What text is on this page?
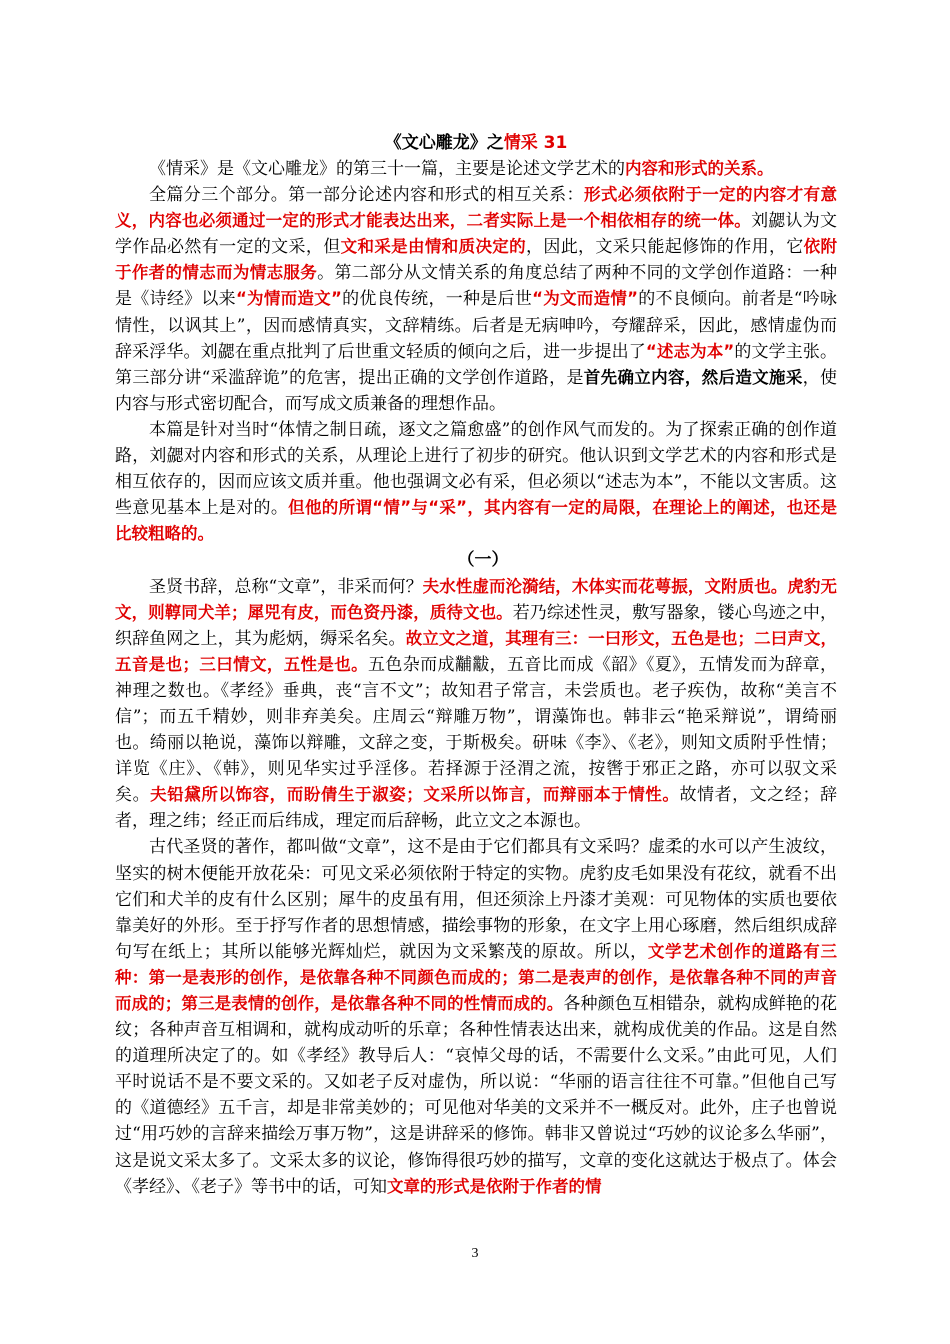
《文心雕龙》之情采 31

《情采》是《文心雕龙》的第三十一篇，主要是论述文学艺术的内容和形式的关系。

全篇分三个部分。第一部分论述内容和形式的相互关系：形式必须依附于一定的内容才有意义，内容也必须通过一定的形式才能表达出来，二者实际上是一个相依相存的统一体。刘勰认为文学作品必然有一定的文采，但文和采是由情和质决定的，因此，文采只能起修饰的作用，它依附于作者的情志而为情志服务。第二部分从文情关系的角度总结了两种不同的文学创作道路：一种是《诗经》以来“为情而造文”的优良传统，一种是后世“为文而造情”的不良倾向。前者是“吟咏情性，以讽其上”，因而感情真实，文辞精练。后者是无病呻吟，夸耀辞采，因此，感情虚伪而辞采浮华。刘勰在重点批判了后世重文轻质的倾向之后，进一步提出了“述志为本”的文学主张。第三部分讲“采滥辞诡”的危害，提出正确的文学创作道路，是首先确立内容，然后造文施采，使内容与形式密切配合，而写成文质兼备的理想作品。

本篇是针对当时“体情之制日疏，逐文之篇愈盛”的创作风气而发的。为了探索正确的创作道路，刘勰对内容和形式的关系，从理论上进行了初步的研究。他认识到文学艺术的内容和形式是相互依存的，因而应该文质并重。他也强调文必有采，但必须以“述志为本”，不能以文害质。这些意见基本上是对的。但他的所谓“情”与“采”，其内容有一定的局限，在理论上的阐述，也还是比较粗略的。

（一）

圣贤书辞，总称“文章”，非采而何？夫水性虚而沦漪结，木体实而花萼振，文附质也。虎豹无文，则鞟同犬羊；犀兕有皮，而色资丹漆，质待文也。若乃综述性灵，敷写器象，镂心鸟迹之中，织辞鱼网之上，其为彪炳，缛采名矣。故立文之道，其理有三：一曰形文，五色是也；二曰声文，五音是也；三曰情文，五性是也。五色杂而成黼黻，五音比而成《韶》《夏》，五情发而为辞章，神理之数也。《孝经》垂典，丧“言不文”；故知君子常言，未尝质也。老子疾伪，故称“美言不信”；而五千精妙，则非弃美矣。庄周云“辩雕万物”，谓藻饰也。韩非云“艳采辩说”，谓绮丽也。绮丽以艳说，藻饰以辩雕，文辞之变，于斯极矣。研味《李》、《老》，则知文质附乎性情；详览《庄》、《韩》，则见华实过乎淫侈。若择源于泾渭之流，按辔于邪正之路，亦可以驭文采矣。夫铅黛所以饰容，而盼倩生于淑姿；文采所以饰言，而辩丽本于情性。故情者，文之经；辞者，理之纬；经正而后纬成，理定而后辞畅，此立文之本源也。

古代圣贤的著作，都叫做“文章”，这不是由于它们都具有文采吗？虚柔的水可以产生波纹，坚实的树木便能开放花朵：可见文采必须依附于特定的实物。虎豹皮毛如果没有花纹，就看不出它们和犬羊的皮有什么区别；犀牛的皮虽有用，但还须涂上丹漆才美观：可见物体的实质也要依靠美好的外形。至于抒写作者的思想情感，描绘事物的形象，在文字上用心琢磨，然后组织成辞句写在纸上；其所以能够光辉灿烂，就因为文采繁茂的原故。所以，文学艺术创作的道路有三种：第一是表形的创作，是依靠各种不同颜色而成的；第二是表声的创作，是依靠各种不同的声音而成的；第三是表情的创作，是依靠各种不同的性情而成的。各种颜色互相错杂，就构成鲜艳的花纹；各种声音互相调和，就构成动听的乐章；各种性情表达出来，就构成优美的作品。这是自然的道理所决定了的。如《孝经》教导后人：“哀悼父母的话，不需要什么文采。”由此可见，人们平时说话不是不要文采的。又如老子反对虚伪，所以说：“华丽的语言往往不可靠。”但他自己写的《道德经》五千言，却是非常美妙的；可见他对华美的文采并不一概反对。此外，庄子也曾说过“用巧妙的言辞来描绘万事万物”，这是讲辞采的修饰。韩非又曾说过“巧妙的议论多么华丽”，这是说文采太多了。文采太多的议论，修饰得很巧妙的描写，文章的变化这就达于极点了。体会《孝经》、《老子》等书中的话，可知文章的形式是依附于作者的情

3
